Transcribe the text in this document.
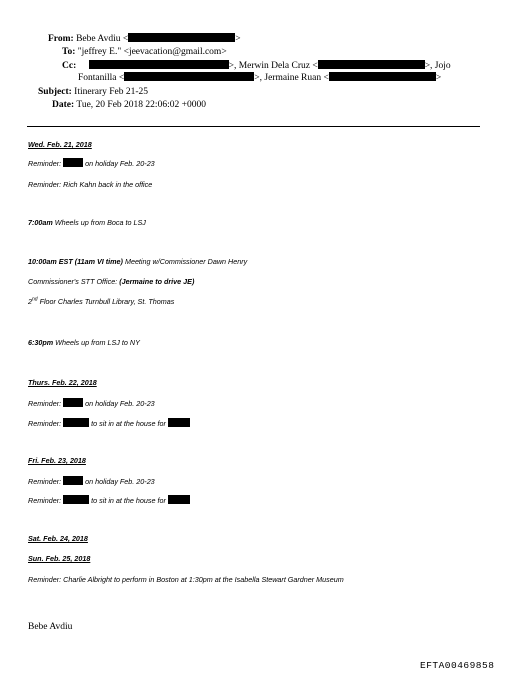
From: Bebe Avdiu <	>
To: "jeffrey E." <jeevacation@gmail.com>
Cc:	>, Merwin Dela Cruz <	>, Jojo
Fontanilla <	>, Jermaine Ruan <	>
Subject: Itinerary Feb 21-25
Date: Tue, 20 Feb 2018 22:06:02 +0000
Wed. Feb. 21, 2018
Reminder:	on holiday Feb. 20-23
Reminder: Rich Kahn back in the office
7:00am Wheels up from Boca to LSJ
10:00am EST (11am VI time) Meeting w/Commissioner Dawn Henry
Commissioner's STT Office: (Jermaine to drive JE)
2nd Floor Charles Turnbull Library, St. Thomas
6:30pm Wheels up from LSJ to NY
Thurs. Feb. 22, 2018
Reminder:	on holiday Feb. 20-23
Reminder:	to sit in at the house for
Fri. Feb. 23, 2018
Reminder:	on holiday Feb. 20-23
Reminder:	to sit in at the house for
Sat. Feb. 24, 2018
Sun. Feb. 25, 2018
Reminder: Charlie Albright to perform in Boston at 1:30pm at the Isabella Stewart Gardner Museum
Bebe Avdiu
EFTA00469858
